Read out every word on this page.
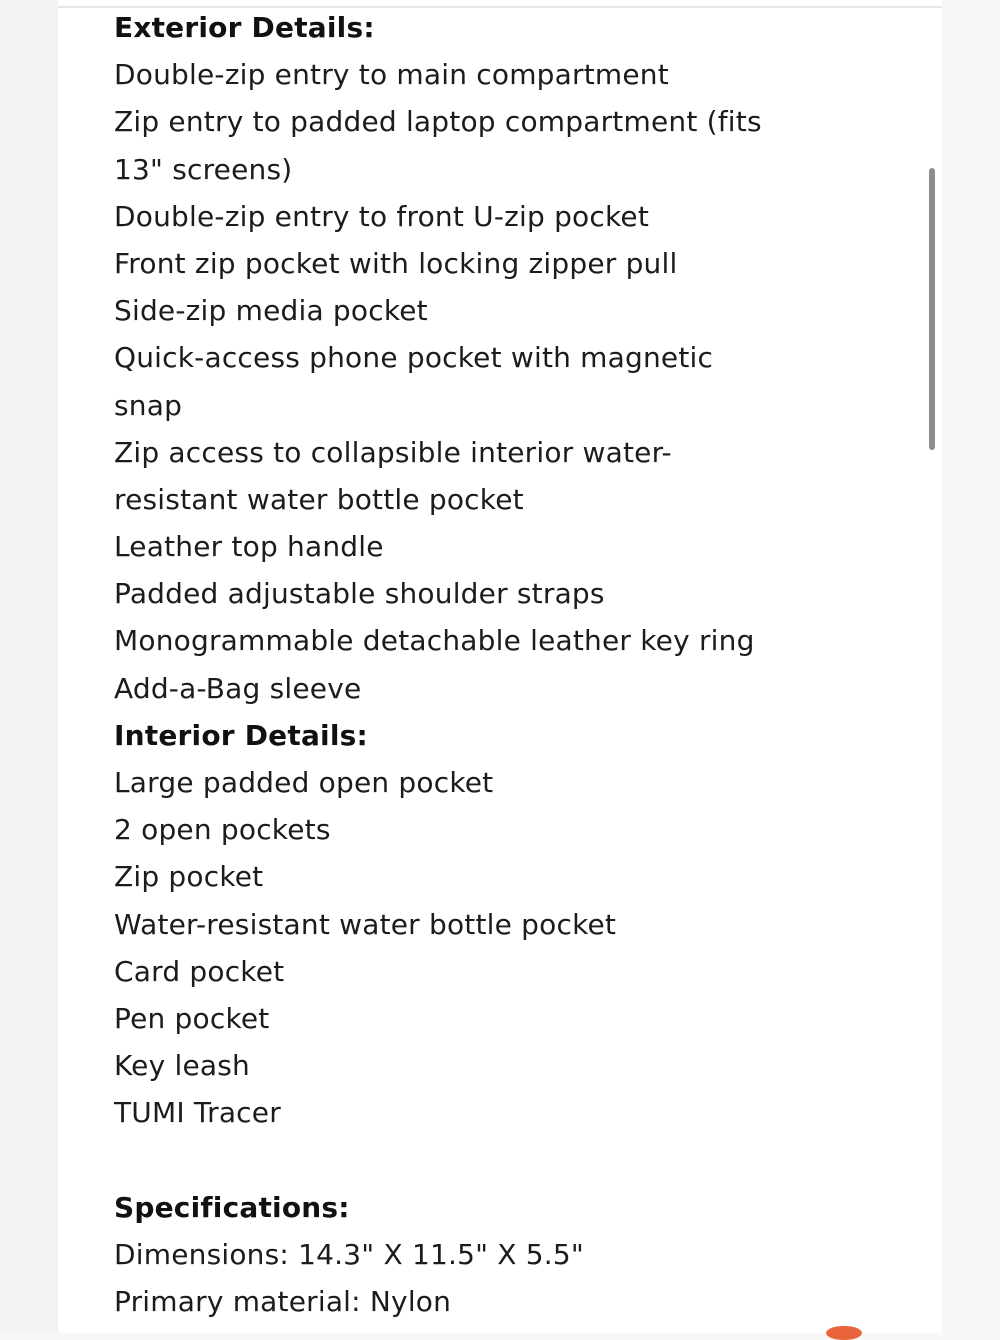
Exterior Details:
Double-zip entry to main compartment
Zip entry to padded laptop compartment (fits
13" screens)
Double-zip entry to front U-zip pocket
Front zip pocket with locking zipper pull
Side-zip media pocket
Quick-access phone pocket with magnetic
snap
Zip access to collapsible interior water-
resistant water bottle pocket
Leather top handle
Padded adjustable shoulder straps
Monogrammable detachable leather key ring
Add-a-Bag sleeve
Interior Details:
Large padded open pocket
2 open pockets
Zip pocket
Water-resistant water bottle pocket
Card pocket
Pen pocket
Key leash
TUMI Tracer
Specifications:
Dimensions: 14.3" X 11.5" X 5.5"
Primary material: Nylon
